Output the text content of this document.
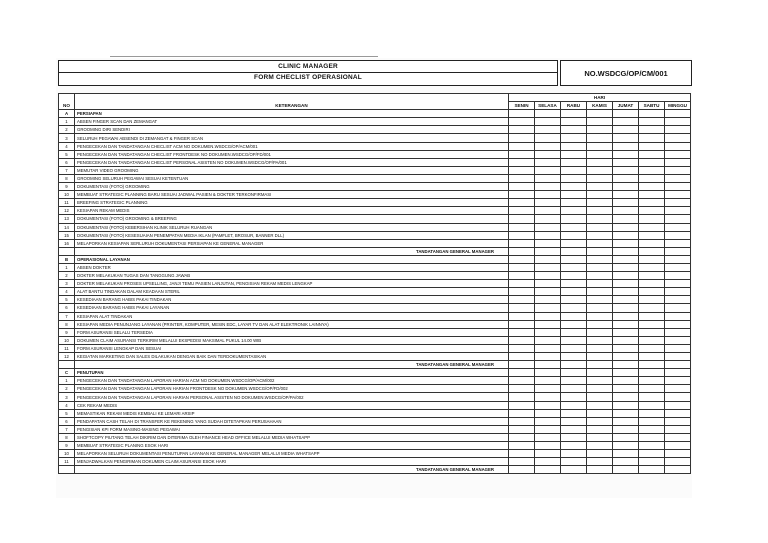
CLINIC MANAGER
FORM CHECLIST OPERASIONAL	NO.WSDCG/OP/CM/001
NO	KETERANGAN	HARI						
		SENIN	SELASA	RABU	KAMIS	JUMAT	SABTU	MINGGU
A	PERSIAPAN							
1	ABSEN FINGER SCAN DAN ZEMANGAT							
2	GROOMING DIRI SENDIRI							
3	SELURUH PEGAWAI ABSENDI DI ZEMANGAT & FINGER SCAN							
4	PENGECEKAN DAN TANDATANGAN CHECLIST ACM NO DOKUMEN.WSDCG/OP/ACM/001							
5	PENGECEKAN DAN TANDATANGAN CHECLIST FRONTDESK NO DOKUMEN.WSDCG/OP/FD/001							
6	PENGECEKAN DAN TANDATANGAN CHECLIST PERSONAL ASISTEN NO DOKUMEN.WSDCG/OP/PA/001							
7	MEMUTAR VIDEO GROOMING							
8	GROOMING SELURUH PEGAWAI SESUAI KETENTUAN							
9	DOKUMENTASI (FOTO) GROOMING							
10	MEMBUAT STRATEGIC PLANNING BARU SESUAI JADWAL PASIEN & DOKTER TERKONFIRMASI							
11	BREEFING STRATEGIC PLANNING							
12	KESIAPAN REKAM MEDIS							
13	DOKUMENTASI (FOTO) GROOMING & BREEFING							
14	DOKUMENTASI (FOTO) KEBERSIHAN KLINIK SELURUH RUANGAN							
15	DOKUMENTASI (FOTO) KESESUAIAN PENEMPATAN MEDIA IKLAN (PAMFLET, BROSUR, BANNER DLL)							
16	MELAPORKAN KESIAPAN SERLURUH DOKUMENTASI PERSIAPAN KE GENERAL MANAGER							
	TANDATANGAN GENERAL MANAGER							
B	OPERASIONAL LAYANAN							
1	ABSEN DOKTER							
2	DOKTER MELAKUKAN TUGAS DAN TANGGUNG JAWAB							
3	DOKTER MELAKUKAN PROSES UPSELLING, JANJI TEMU PASIEN LANJUTAN, PENGISIAN REKAM MEDIS LENGKAP							
4	ALAT BANTU TINDAKAN DALAM KEADAAN STERIL							
5	KESEDIAAN BARANG HABIS PAKAI TINDAKAN							
6	KESEDIAAN BARANG HABIS PAKAI LAYANAN							
7	KESIAPAN ALAT TINDAKAN							
8	KESIAPAN MEDIA PENUNJANG LAYANAN (PRINTER, KOMPUTER, MESIN EDC, LAYAR TV DAN ALAT ELEKTRONIK LAINNYA)							
9	FORM ASURANSI SELALU TERSEDIA							
10	DOKUMEN CLAIM ASURANSI TERKIRIM MELALUI EKSPEDISI MAKSIMAL PUKUL 14.00 WIB							
11	FORM ASURANSI LENGKAP DAN SESUAI							
12	KEGIATAN MARKETING DAN SALES DILAKUKAN DENGAN BAIK DAN TERDOKUMENTASIKAN							
	TANDATANGAN GENERAL MANAGER							
C	PENUTUPAN							
1	PENGECEKAN DAN TANDATANGAN LAPORAN HARIAN ACM NO DOKUMEN.WSDCG/OP/ACM/002							
2	PENGECEKAN DAN TANDATANGAN LAPORAN HARIAN FRONTDESK NO DOKUMEN.WSDCG/OP/FD/002							
3	PENGECEKAN DAN TANDATANGAN LAPORAN HARIAN PERSONAL ASISTEN NO DOKUMEN.WSDCG/OP/PA/002							
4	CEK REKAM MEDIS							
5	MEMASTIKAN REKAM MEDIS KEMBALI KE LEMARI ARSIP							
6	PENDAPATAN CASH TELAH DI TRANSFER KE REKENING YANG SUDAH DITETAPKAN PERUSAHAAN							
7	PENGISIAN KPI FORM MASING-MASING PEGAWAI							
8	SHOFTCOPY PIUTANG TELAH DIKIRIM DAN DITERIMA OLEH FINANCE HEAD OFFICE MELALUI MEDIA WHATSAPP							
9	MEMBUAT STRATEGIC PLANING ESOK HARI							
10	MELAPORKAN SELURUH DOKUMENTASI PENUTUPAN LAYANAN KE GENERAL MANAGER MELALUI MEDIA WHATSAPP							
11	MENJADWALKAN PENGIRIMAN DOKUMEN CLAIM ASURANSI ESOK HARI							
	TANDATANGAN GENERAL MANAGER							
